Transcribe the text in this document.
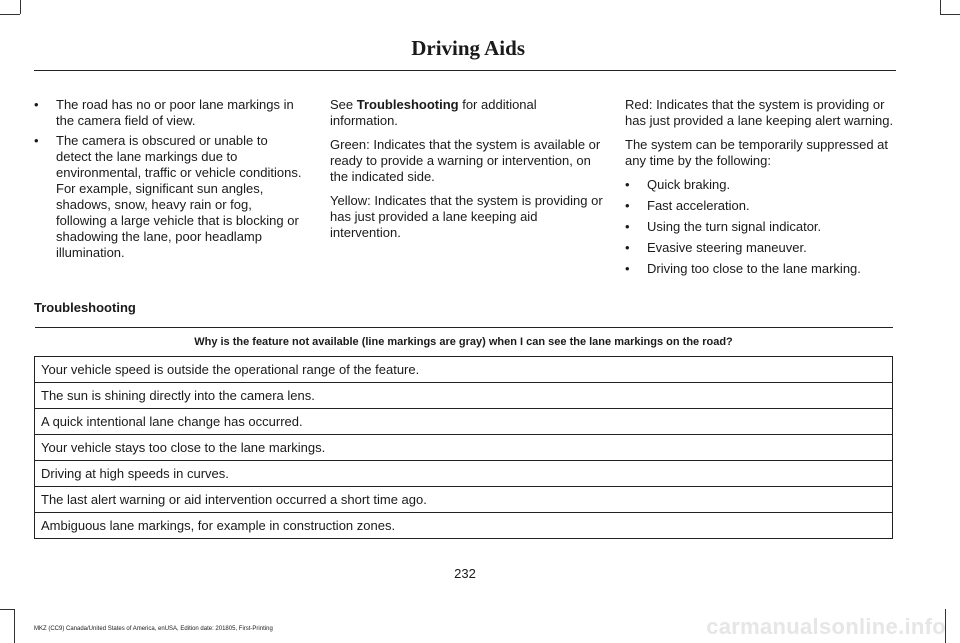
Driving Aids
• The road has no or poor lane markings in the camera field of view.
• The camera is obscured or unable to detect the lane markings due to environmental, traffic or vehicle conditions. For example, significant sun angles, shadows, snow, heavy rain or fog, following a large vehicle that is blocking or shadowing the lane, poor headlamp illumination.

See Troubleshooting for additional information.

Green: Indicates that the system is available or ready to provide a warning or intervention, on the indicated side.

Yellow: Indicates that the system is providing or has just provided a lane keeping aid intervention.

Red: Indicates that the system is providing or has just provided a lane keeping alert warning.

The system can be temporarily suppressed at any time by the following:

• Quick braking.
• Fast acceleration.
• Using the turn signal indicator.
• Evasive steering maneuver.
• Driving too close to the lane marking.
Troubleshooting
Why is the feature not available (line markings are gray) when I can see the lane markings on the road?
Your vehicle speed is outside the operational range of the feature.
The sun is shining directly into the camera lens.
A quick intentional lane change has occurred.
Your vehicle stays too close to the lane markings.
Driving at high speeds in curves.
The last alert warning or aid intervention occurred a short time ago.
Ambiguous lane markings, for example in construction zones.
232
MKZ (CC9) Canada/United States of America, enUSA, Edition date: 201805, First-Printing	carmanualsonline.info
